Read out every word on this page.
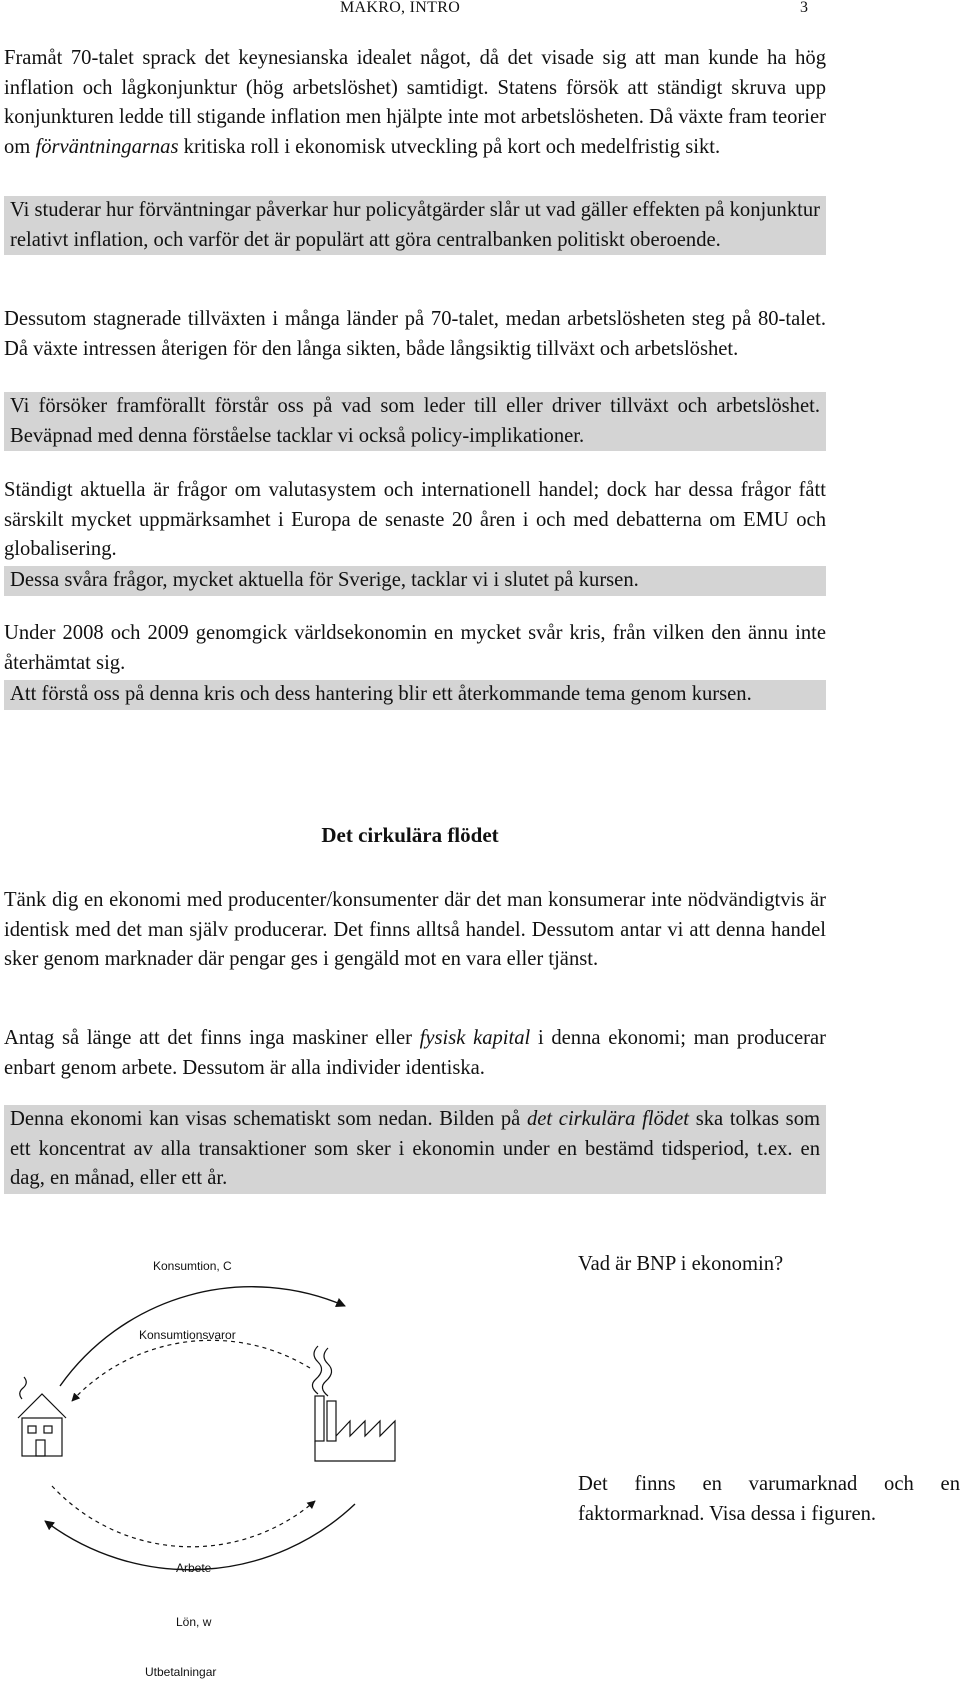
MAKRO, INTRO	3

Framåt 70-talet sprack det keynesianska idealet något, då det visade sig att man kunde ha hög inflation och lågkonjunktur (hög arbetslöshet) samtidigt. Statens försök att ständigt skruva upp konjunkturen ledde till stigande inflation men hjälpte inte mot arbetslösheten. Då växte fram teorier om förväntningarnas kritiska roll i ekonomisk utveckling på kort och medelfristig sikt.

Vi studerar hur förväntningar påverkar hur policyåtgärder slår ut vad gäller effekten på konjunktur relativt inflation, och varför det är populärt att göra centralbanken politiskt oberoende.

Dessutom stagnerade tillväxten i många länder på 70-talet, medan arbetslösheten steg på 80-talet. Då växte intressen återigen för den långa sikten, både långsiktig tillväxt och arbetslöshet.

Vi försöker framförallt förstår oss på vad som leder till eller driver tillväxt och arbetslöshet. Beväpnad med denna förståelse tacklar vi också policy-implikationer.

Ständigt aktuella är frågor om valutasystem och internationell handel; dock har dessa frågor fått särskilt mycket uppmärksamhet i Europa de senaste 20 åren i och med debatterna om EMU och globalisering.

Dessa svåra frågor, mycket aktuella för Sverige, tacklar vi i slutet på kursen.

Under 2008 och 2009 genomgick världsekonomin en mycket svår kris, från vilken den ännu inte återhämtat sig.

Att förstå oss på denna kris och dess hantering blir ett återkommande tema genom kursen.

Det cirkulära flödet

Tänk dig en ekonomi med producenter/konsumenter där det man konsumerar inte nödvändigtvis är identisk med det man själv producerar. Det finns alltså handel. Dessutom antar vi att denna handel sker genom marknader där pengar ges i gengäld mot en vara eller tjänst.

Antag så länge att det finns inga maskiner eller fysisk kapital i denna ekonomi; man producerar enbart genom arbete. Dessutom är alla individer identiska.

Denna ekonomi kan visas schematiskt som nedan. Bilden på det cirkulära flödet ska tolkas som ett koncentrat av alla transaktioner som sker i ekonomin under en bestämd tidsperiod, t.ex. en dag, en månad, eller ett år.

Konsumtion, C
Konsumtionsvaror
Arbete
Lön, w
Utbetalningar

Vad är BNP i ekonomin?

Det finns en varumarknad och en faktormarknad. Visa dessa i figuren.
